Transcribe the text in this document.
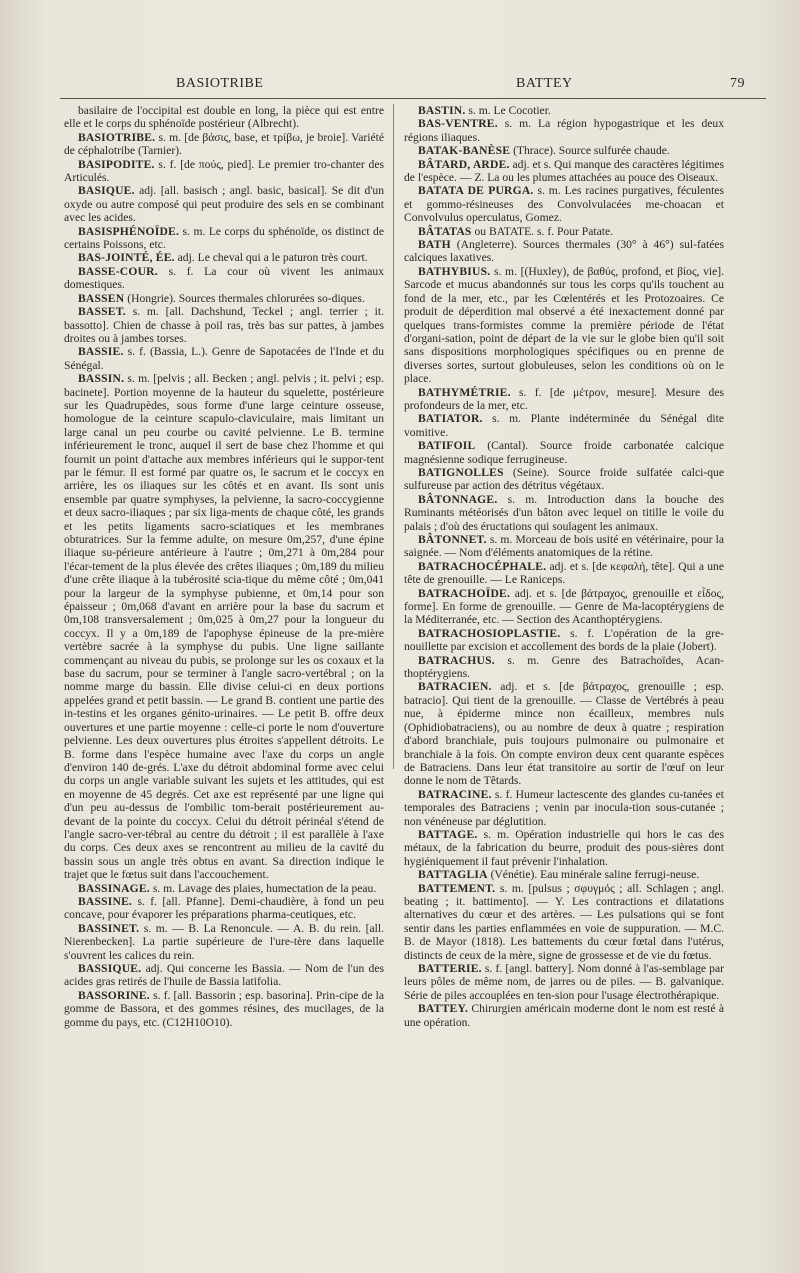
BASIOTRIBE	BATTEY	79

basilaire de l'occipital est double en long, la pièce qui est entre elle et le corps du sphénoïde postérieur (Albrecht).

BASIOTRIBE. s. m. [de βάσις, base, et τρίβω, je broie]. Variété de céphalotribe (Tarnier).

BASIPODITE. s. f. [de πούς, pied]. Le premier tro-chanter des Articulés.

BASIQUE. adj. [all. basisch ; angl. basic, basical]. Se dit d'un oxyde ou autre composé qui peut produire des sels en se combinant avec les acides.

BASISPHÉNOÏDE. s. m. Le corps du sphénoïde, os distinct de certains Poissons, etc.

BAS-JOINTÉ, ÉE. adj. Le cheval qui a le paturon très court.

BASSE-COUR. s. f. La cour où vivent les animaux domestiques.

BASSEN (Hongrie). Sources thermales chlorurées so-diques.

BASSET. s. m. [all. Dachshund, Teckel ; angl. terrier ; it. bassotto]. Chien de chasse à poil ras, très bas sur pattes, à jambes droites ou à jambes torses.

BASSIE. s. f. (Bassia, L.). Genre de Sapotacées de l'Inde et du Sénégal.

BASSIN. s. m. [pelvis ; all. Becken ; angl. pelvis ; it. pelvi ; esp. bacinete]. Portion moyenne de la hauteur du squelette, postérieure sur les Quadrupèdes, sous forme d'une large ceinture osseuse, homologue de la ceinture scapulo-claviculaire, mais limitant un large canal un peu courbe ou cavité pelvienne. Le B. termine inférieurement le tronc, auquel il sert de base chez l'homme et qui fournit un point d'attache aux membres inférieurs qui le suppor-tent par le fémur. Il est formé par quatre os, le sacrum et le coccyx en arrière, les os iliaques sur les côtés et en avant. Ils sont unis ensemble par quatre symphyses, la pelvienne, la sacro-coccygienne et deux sacro-iliaques ; par six liga-ments de chaque côté, les grands et les petits ligaments sacro-sciatiques et les membranes obturatrices. Sur la femme adulte, on mesure 0m,257, d'une épine iliaque su-périeure antérieure à l'autre ; 0m,271 à 0m,284 pour l'écar-tement de la plus élevée des crêtes iliaques ; 0m,189 du milieu d'une crête iliaque à la tubérosité scia-tique du même côté ; 0m,041 pour la largeur de la symphyse pubienne, et 0m,14 pour son épaisseur ; 0m,068 d'avant en arrière pour la base du sacrum et 0m,108 transversalement ; 0m,025 à 0m,27 pour la longueur du coccyx. Il y a 0m,189 de l'apophyse épineuse de la pre-mière vertèbre sacrée à la symphyse du pubis. Une ligne saillante commençant au niveau du pubis, se prolonge sur les os coxaux et la base du sacrum, pour se terminer à l'angle sacro-vertébral ; on la nomme marge du bassin. Elle divise celui-ci en deux portions appelées grand et petit bassin. — Le grand B. contient une partie des in-testins et les organes génito-urinaires. — Le petit B. offre deux ouvertures et une partie moyenne : celle-ci porte le nom d'ouverture pelvienne. Les deux ouvertures plus étroites s'appellent détroits. Le B. forme dans l'espèce humaine avec l'axe du corps un angle d'environ 140 de-grés. L'axe du détroit abdominal forme avec celui du corps un angle variable suivant les sujets et les attitudes, qui est en moyenne de 45 degrés. Cet axe est représenté par une ligne qui d'un peu au-dessus de l'ombilic tom-berait postérieurement au-devant de la pointe du coccyx. Celui du détroit périnéal s'étend de l'angle sacro-ver-tébral au centre du détroit ; il est parallèle à l'axe du corps. Ces deux axes se rencontrent au milieu de la cavité du bassin sous un angle très obtus en avant. Sa direction indique le trajet que le fœtus suit dans l'accouchement.

BASSINAGE. s. m. Lavage des plaies, humectation de la peau.

BASSINE. s. f. [all. Pfanne]. Demi-chaudière, à fond un peu concave, pour évaporer les préparations pharma-ceutiques, etc.

BASSINET. s. m. — B. La Renoncule. — A. B. du rein. [all. Nierenbecken]. La partie supérieure de l'ure-tère dans laquelle s'ouvrent les calices du rein.

BASSIQUE. adj. Qui concerne les Bassia. — Nom de l'un des acides gras retirés de l'huile de Bassia latifolia.

BASSORINE. s. f. [all. Bassorin ; esp. basorina]. Prin-cipe de la gomme de Bassora, et des gommes résines, des mucilages, de la gomme du pays, etc. (C12H10O10).

BASTIN. s. m. Le Cocotier.

BAS-VENTRE. s. m. La région hypogastrique et les deux régions iliaques.

BATAK-BANÈSE (Thrace). Source sulfurée chaude.

BÂTARD, ARDE. adj. et s. Qui manque des caractères légitimes de l'espèce. — Z. La ou les plumes attachées au pouce des Oiseaux.

BATATA DE PURGA. s. m. Les racines purgatives, féculentes et gommo-résineuses des Convolvulacées me-choacan et Convolvulus operculatus, Gomez.

BÂTATAS ou BATATE. s. f. Pour Patate.

BATH (Angleterre). Sources thermales (30° à 46°) sul-fatées calciques laxatives.

BATHYBIUS. s. m. [(Huxley), de βαθύς, profond, et βίος, vie]. Sarcode et mucus abandonnés sur tous les corps qu'ils touchent au fond de la mer, etc., par les Cœlentérés et les Protozoaires. Ce produit de déperdition mal observé a été inexactement donné par quelques trans-formistes comme la première période de l'état d'organi-sation, point de départ de la vie sur le globe bien qu'il soit sans dispositions morphologiques spécifiques ou en prenne de diverses sortes, surtout globuleuses, selon les conditions où on le place.

BATHYMÉTRIE. s. f. [de μέτρον, mesure]. Mesure des profondeurs de la mer, etc.

BATIATOR. s. m. Plante indéterminée du Sénégal dite vomitive.

BATIFOIL (Cantal). Source froide carbonatée calcique magnésienne sodique ferrugineuse.

BATIGNOLLES (Seine). Source froide sulfatée calci-que sulfureuse par action des détritus végétaux.

BÂTONNAGE. s. m. Introduction dans la bouche des Ruminants météorisés d'un bâton avec lequel on titille le voile du palais ; d'où des éructations qui soulagent les animaux.

BÂTONNET. s. m. Morceau de bois usité en vétérinaire, pour la saignée. — Nom d'éléments anatomiques de la rétine.

BATRACHOCÉPHALE. adj. et s. [de κεφαλή, tête]. Qui a une tête de grenouille. — Le Raniceps.

BATRACHOÏDE. adj. et s. [de βάτραχος, grenouille et εἶδος, forme]. En forme de grenouille. — Genre de Ma-lacoptérygiens de la Méditerranée, etc. — Section des Acanthoptérygiens.

BATRACHOSIOPLASTIE. s. f. L'opération de la gre-nouillette par excision et accollement des bords de la plaie (Jobert).

BATRACHUS. s. m. Genre des Batrachoïdes, Acan-thoptérygiens.

BATRACIEN. adj. et s. [de βάτραχος, grenouille ; esp. batracio]. Qui tient de la grenouille. — Classe de Vertébrés à peau nue, à épiderme mince non écailleux, membres nuls (Ophidiobatraciens), ou au nombre de deux à quatre ; respiration d'abord branchiale, puis toujours pulmonaire ou pulmonaire et branchiale à la fois. On compte environ deux cent quarante espèces de Batraciens. Dans leur état transitoire au sortir de l'œuf on leur donne le nom de Têtards.

BATRACINE. s. f. Humeur lactescente des glandes cu-tanées et temporales des Batraciens ; venin par inocula-tion sous-cutanée ; non vénéneuse par déglutition.

BATTAGE. s. m. Opération industrielle qui hors le cas des métaux, de la fabrication du beurre, produit des pous-sières dont hygiéniquement il faut prévenir l'inhalation.

BATTAGLIA (Vénétie). Eau minérale saline ferrugi-neuse.

BATTEMENT. s. m. [pulsus ; σφυγμός ; all. Schlagen ; angl. beating ; it. battimento]. — Y. Les contractions et dilatations alternatives du cœur et des artères. — Les pulsations qui se font sentir dans les parties enflammées en voie de suppuration. — M.C. B. de Mayor (1818). Les battements du cœur fœtal dans l'utérus, distincts de ceux de la mère, signe de grossesse et de vie du fœtus.

BATTERIE. s. f. [angl. battery]. Nom donné à l'as-semblage par leurs pôles de même nom, de jarres ou de piles. — B. galvanique. Série de piles accouplées en ten-sion pour l'usage électrothérapique.

BATTEY. Chirurgien américain moderne dont le nom est resté à une opération.
